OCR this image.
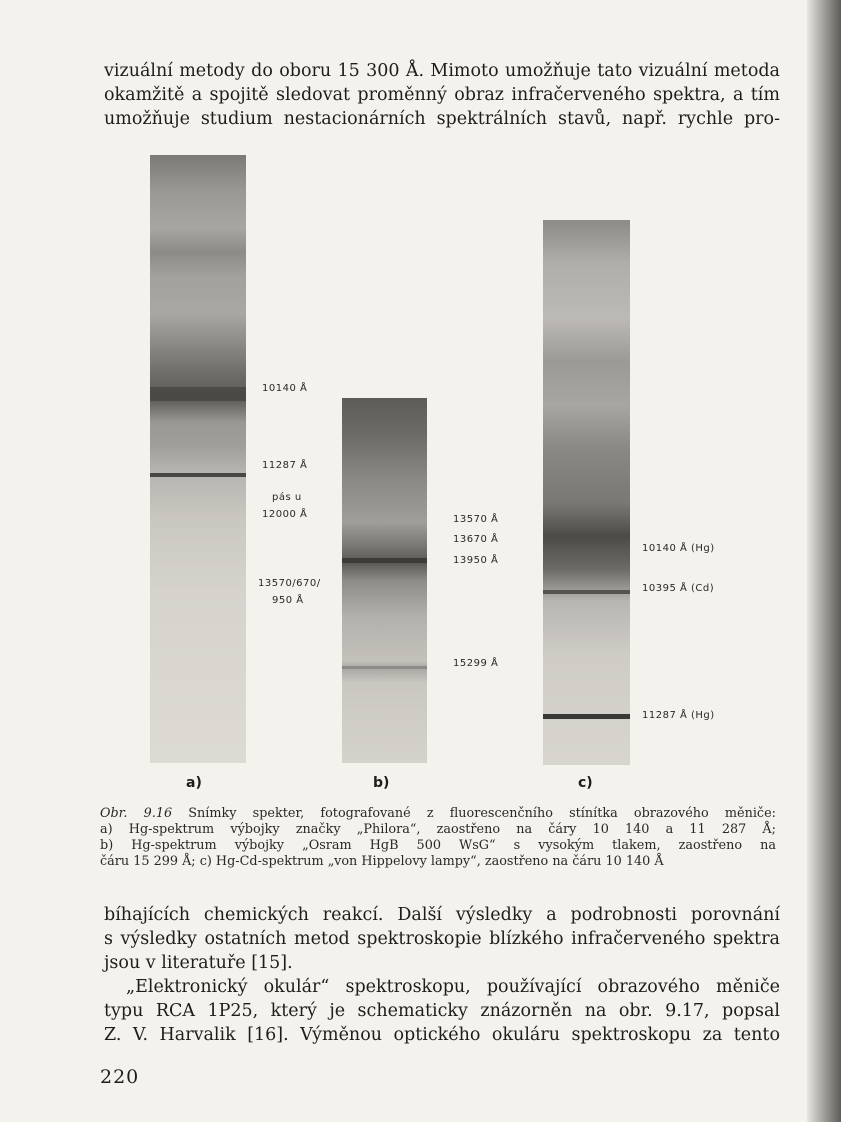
vizuální metody do oboru 15 300 Å. Mimoto umožňuje tato vizuální metoda

okamžitě a spojitě sledovat proměnný obraz infračerveného spektra, a tím

umožňuje studium nestacionárních spektrálních stavů, např. rychle pro-

10140 Å
11287 Å
pás u
12000 Å
13570/670/
950 Å
a)
13570 Å
13670 Å
13950 Å
15299 Å
b)
10140 Å (Hg)
10395 Å (Cd)
11287 Å (Hg)
c)

Obr. 9.16 Snímky spekter, fotografované z fluorescenčního stínítka obrazového měniče:

a) Hg-spektrum výbojky značky „Philora“, zaostřeno na čáry 10 140 a 11 287 Å;

b) Hg-spektrum výbojky „Osram HgB 500 WsG“ s vysokým tlakem, zaostřeno na

čáru 15 299 Å; c) Hg-Cd-spektrum „von Hippelovy lampy“, zaostřeno na čáru 10 140 Å

bíhajících chemických reakcí. Další výsledky a podrobnosti porovnání

s výsledky ostatních metod spektroskopie blízkého infračerveného spektra

jsou v literatuře [15].

„Elektronický okulár“ spektroskopu, používající obrazového měniče

typu RCA 1P25, který je schematicky znázorněn na obr. 9.17, popsal

Z. V. Harvalik [16]. Výměnou optického okuláru spektroskopu za tento

220
